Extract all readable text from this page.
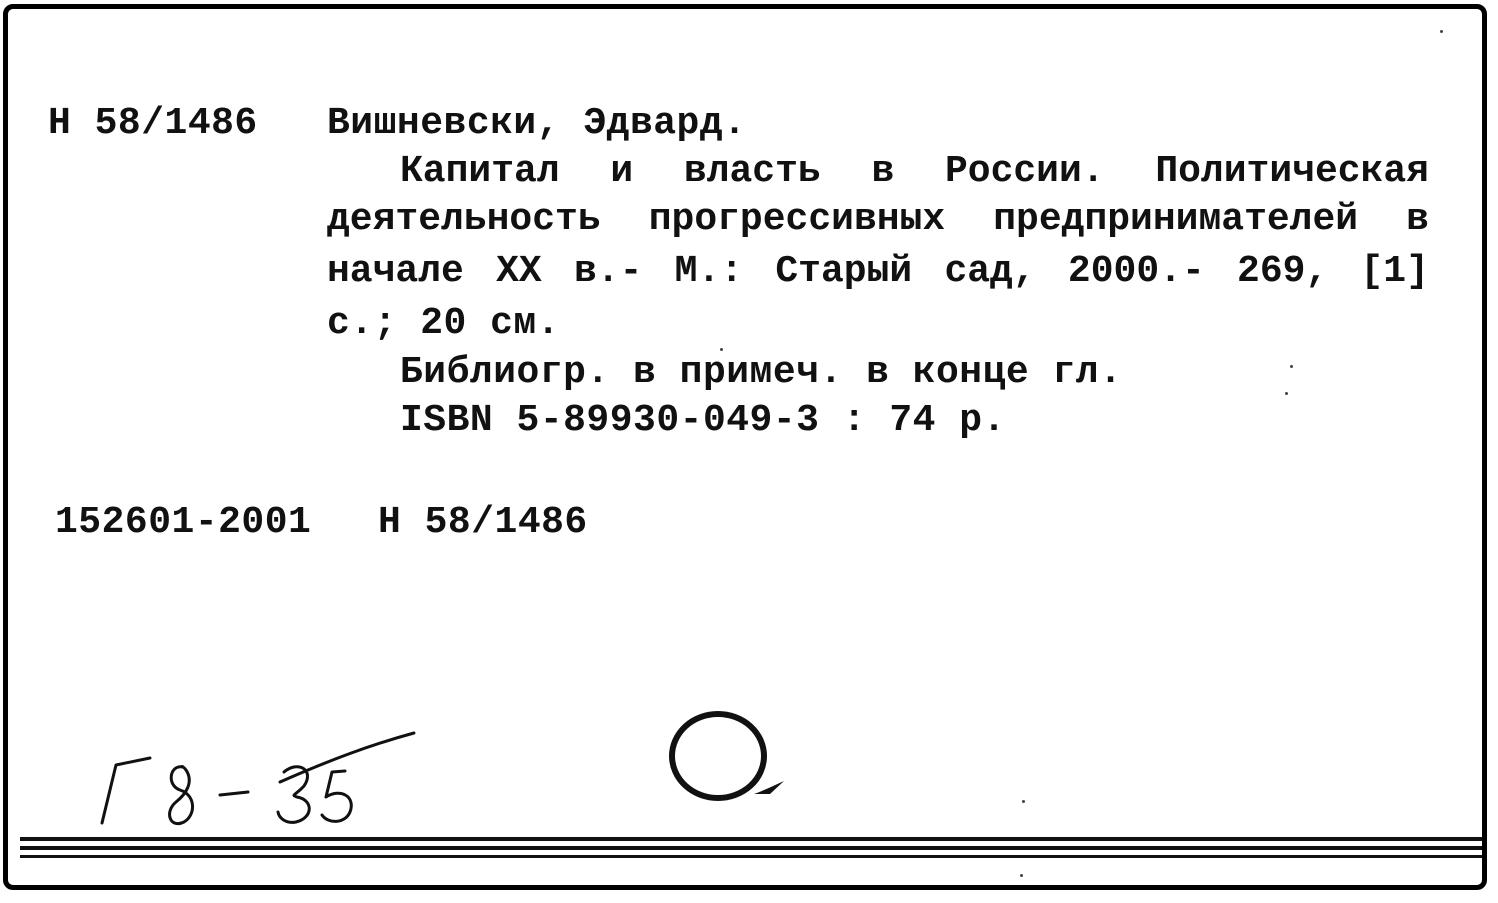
Н 58/1486 Вишневски, Эдвард.
Капитал и власть в России. Политическая
деятельность прогрессивных предпринимателей в
начале XX в.- М.: Старый сад, 2000.- 269, [1]
с.; 20 см.
Библиогр. в примеч. в конце гл.
ISBN 5-89930-049-3 : 74 р.
152601-2001 Н 58/1486
